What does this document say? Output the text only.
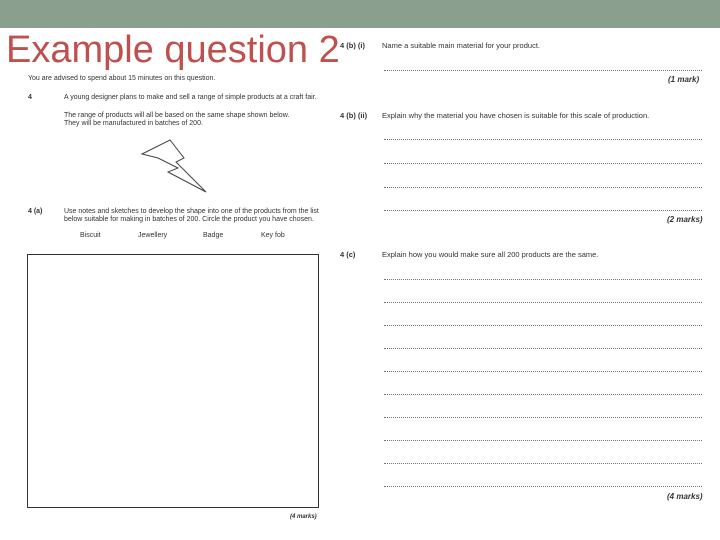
Example question 2
You are advised to spend about 15 minutes on this question.
4	A young designer plans to make and sell a range of simple products at a craft fair.
The range of products will all be based on the same shape shown below.
They will be manufactured in batches of 200.
4 (a)	Use notes and sketches to develop the shape into one of the products from the list
below suitable for making in batches of 200. Circle the product you have chosen.
Biscuit	Jewellery	Badge	Key fob
(4 marks)
4 (b) (i) Name a suitable main material for your product.
(1 mark)
4 (b) (ii) Explain why the material you have chosen is suitable for this scale of production.
(2 marks)
4 (c)	Explain how you would make sure all 200 products are the same.
(4 marks)
